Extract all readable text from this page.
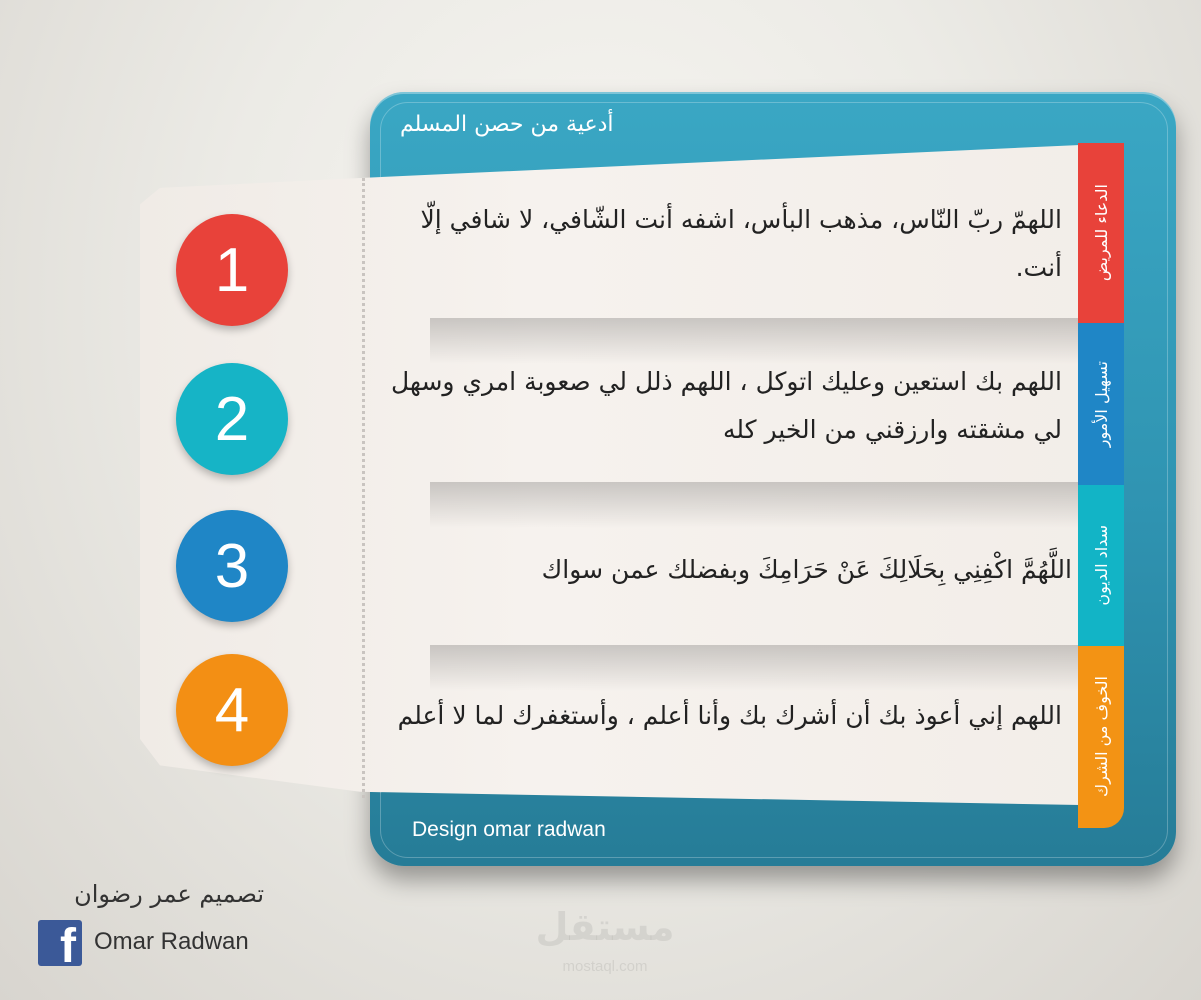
أدعية من حصن المسلم
الدعاء للمريض
تسهيل الأمور
سداد الديون
الخوف من الشرك
1
2
3
4
اللهمّ ربّ النّاس، مذهب البأس، اشفه أنت الشّافي، لا شافي إلّا أنت.
اللهم بك استعين وعليك اتوكل ، اللهم ذلل لي صعوبة امري وسهل لي مشقته وارزقني من الخير كله
اللَّهُمَّ اكْفِنِي بِحَلَالِكَ عَنْ حَرَامِكَ وبفضلك عمن سواك
اللهم إني أعوذ بك أن أشرك بك وأنا أعلم ، وأستغفرك لما لا أعلم
Design omar radwan
تصميم عمر رضوان
f Omar Radwan	مستقل
mostaql.com
